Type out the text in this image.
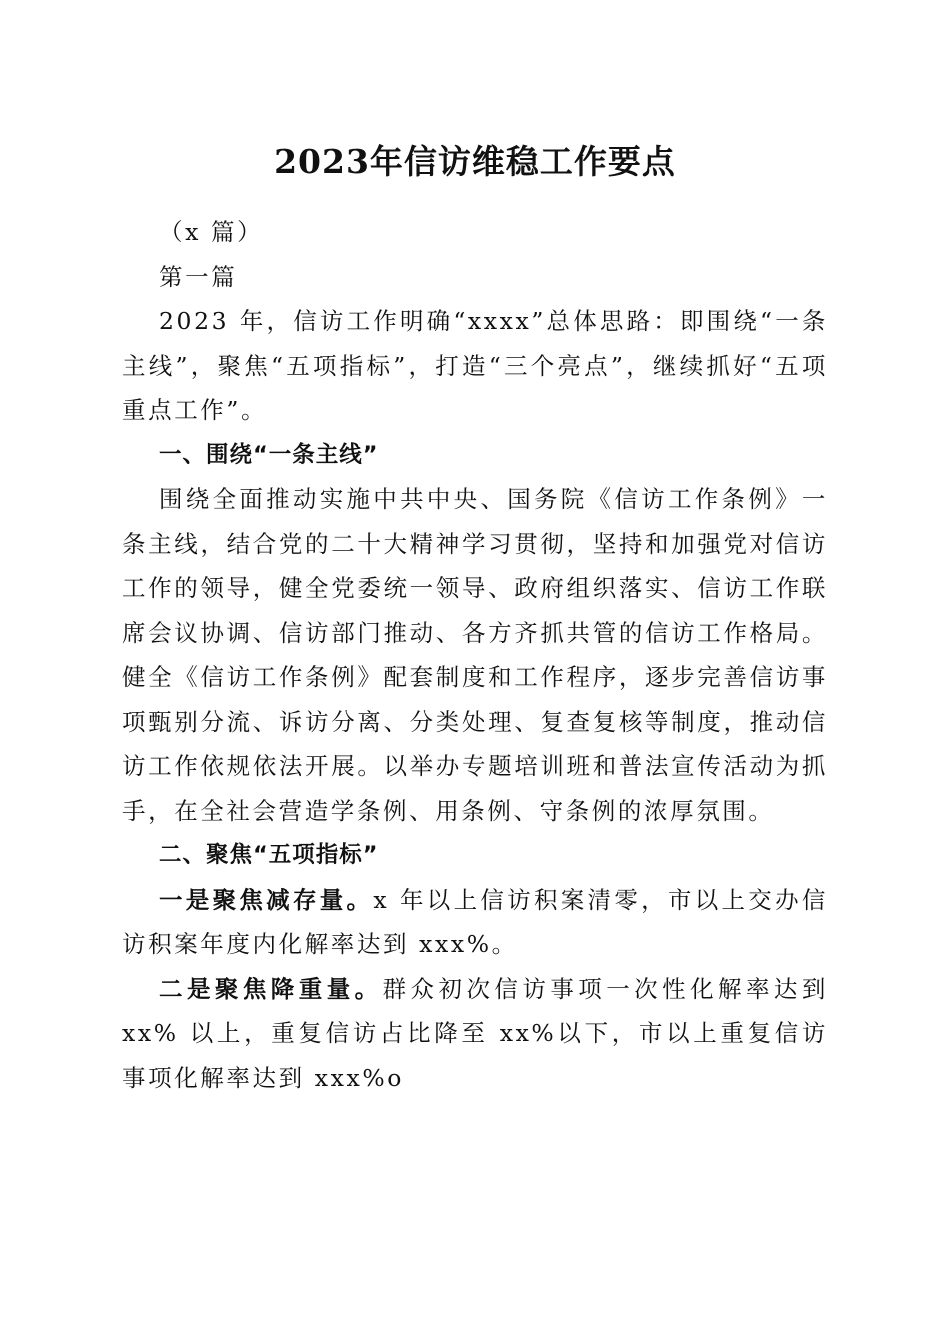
2023年信访维稳工作要点

（x 篇）

第一篇

2023 年，信访工作明确“xxxx”总体思路：即围绕“一条主线”，聚焦“五项指标”，打造“三个亮点”，继续抓好“五项重点工作”。

一、围绕“一条主线”

围绕全面推动实施中共中央、国务院《信访工作条例》一条主线，结合党的二十大精神学习贯彻，坚持和加强党对信访工作的领导，健全党委统一领导、政府组织落实、信访工作联席会议协调、信访部门推动、各方齐抓共管的信访工作格局。健全《信访工作条例》配套制度和工作程序，逐步完善信访事项甄别分流、诉访分离、分类处理、复查复核等制度，推动信访工作依规依法开展。以举办专题培训班和普法宣传活动为抓手，在全社会营造学条例、用条例、守条例的浓厚氛围。

二、聚焦“五项指标”

一是聚焦减存量。x 年以上信访积案清零，市以上交办信访积案年度内化解率达到 xxx%。

二是聚焦降重量。群众初次信访事项一次性化解率达到 xx% 以上，重复信访占比降至 xx%以下，市以上重复信访事项化解率达到 xxx%o
